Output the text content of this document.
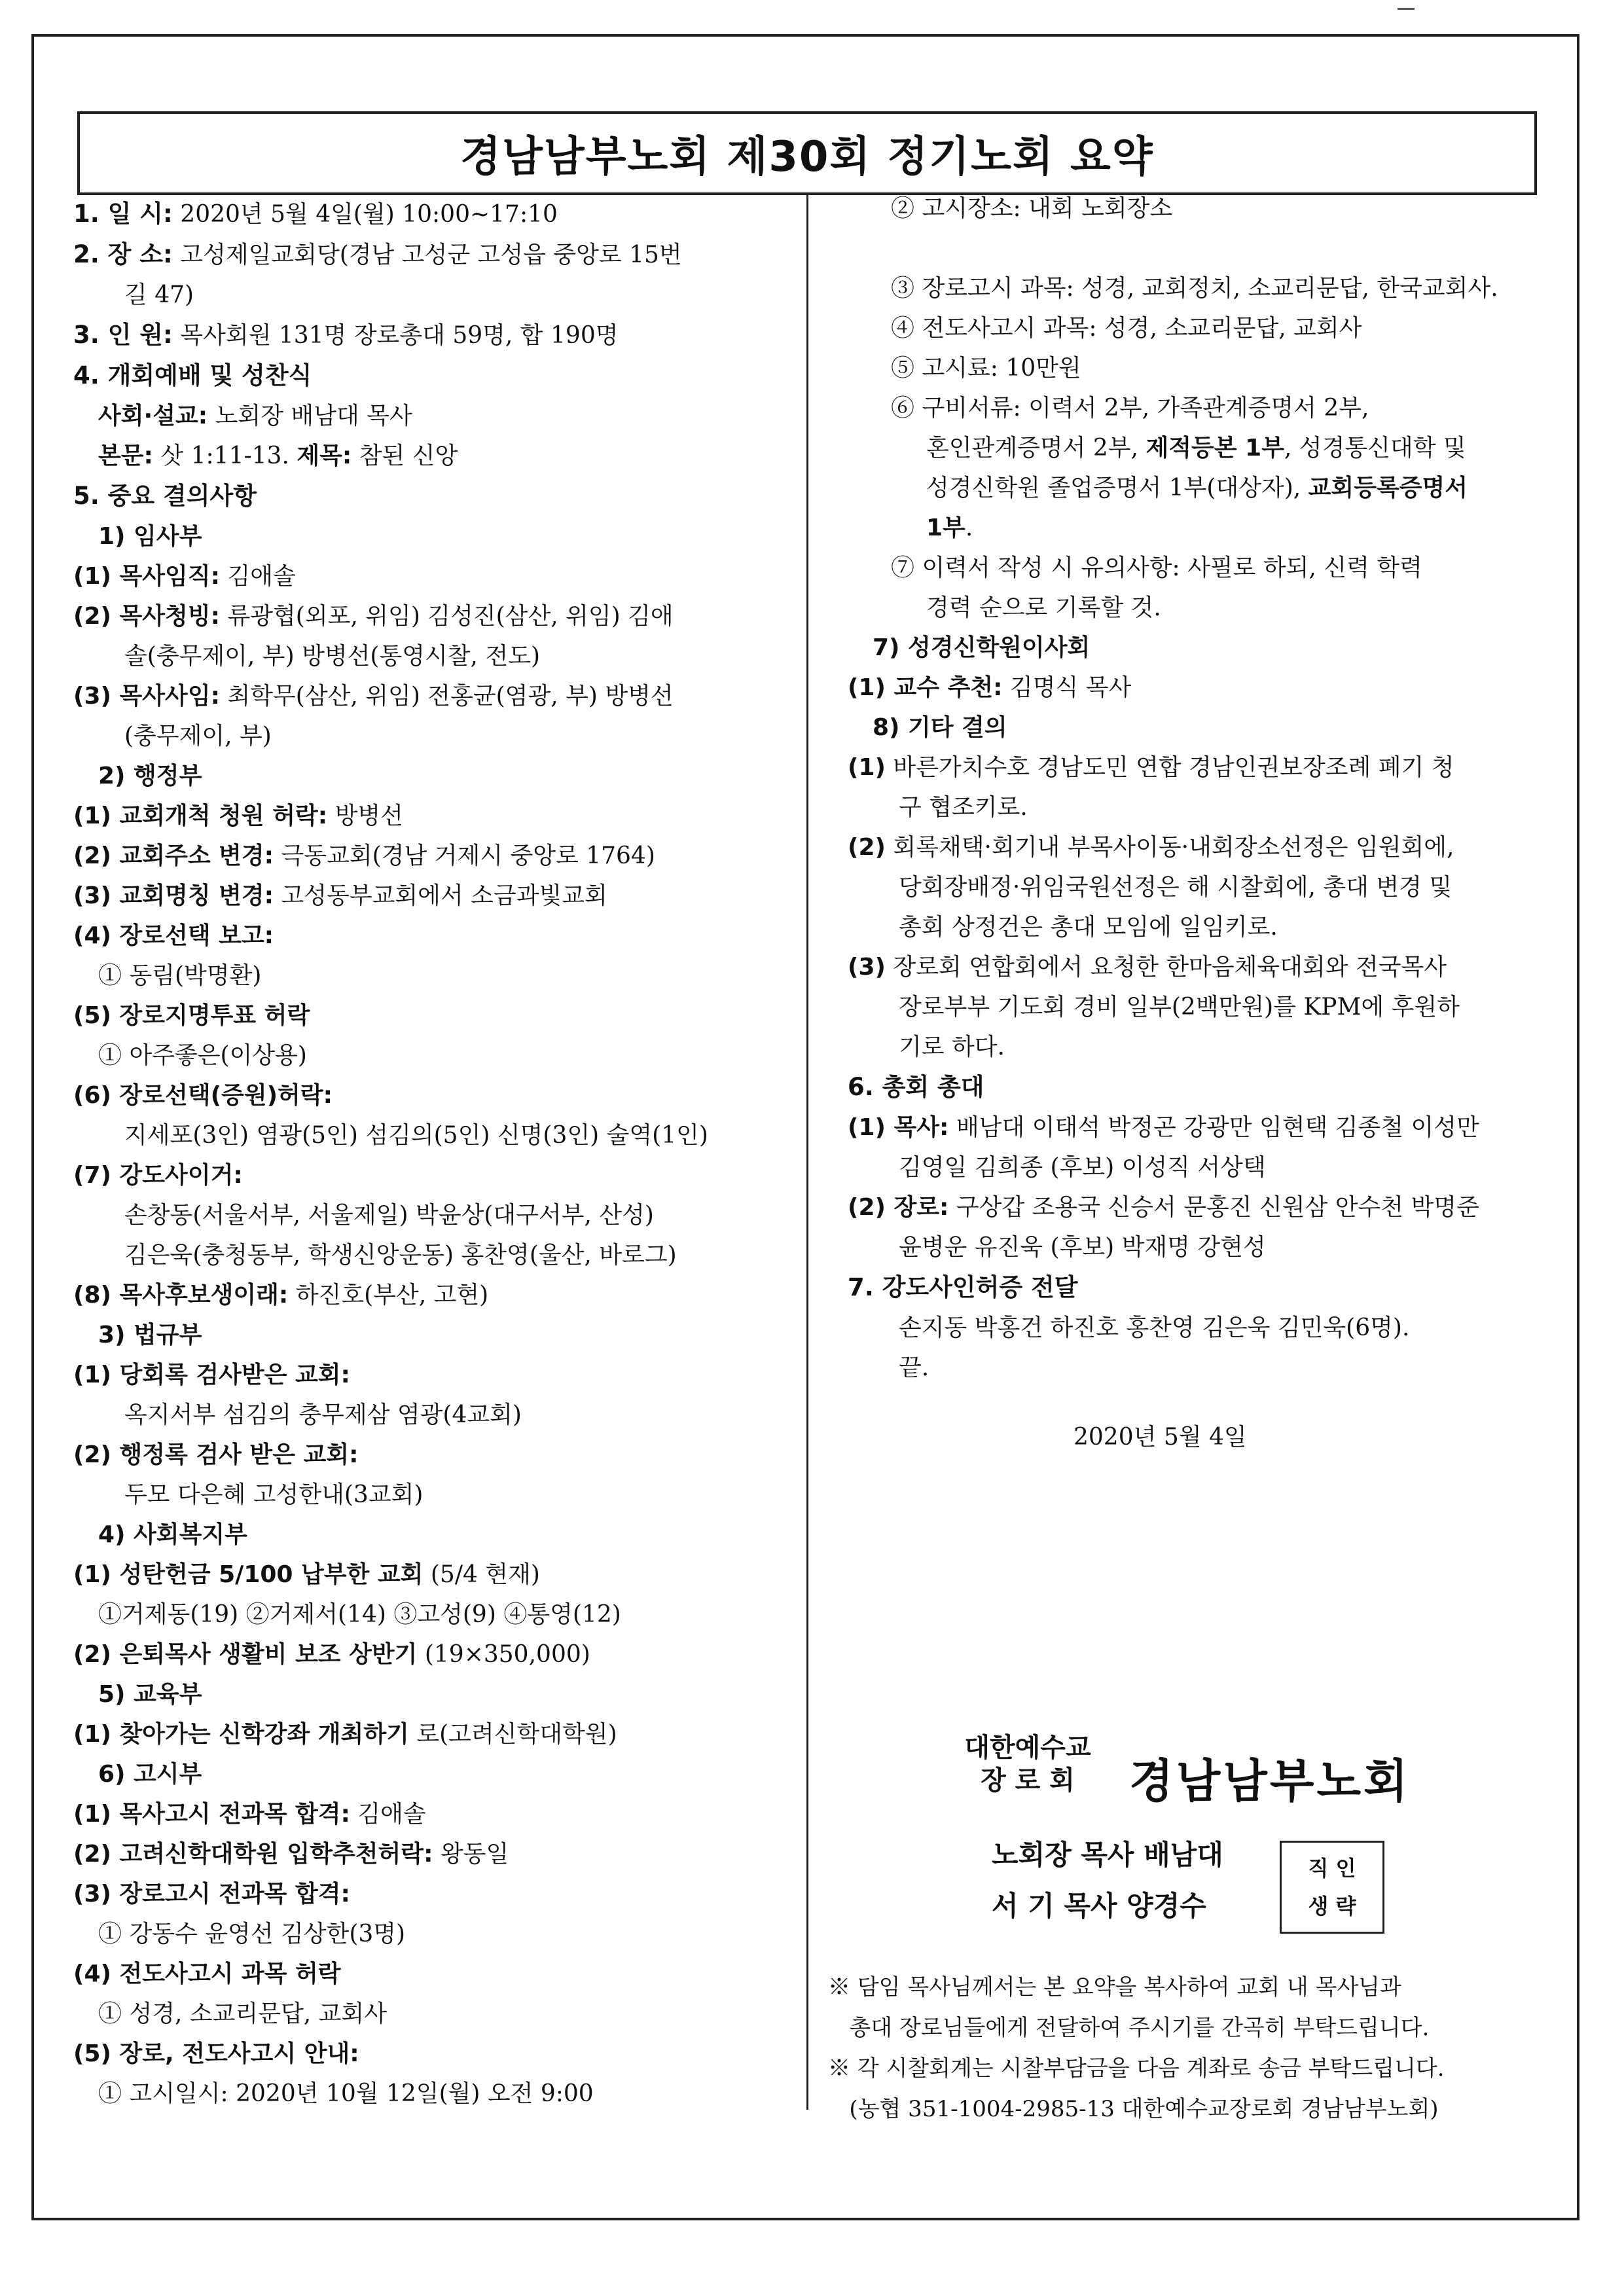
경남남부노회 제30회 정기노회 요약
1. 일 시: 2020년 5월 4일(월) 10:00~17:10
2. 장 소: 고성제일교회당(경남 고성군 고성읍 중앙로 15번
길 47)
3. 인 원: 목사회원 131명 장로총대 59명, 합 190명
4. 개회예배 및 성찬식
사회·설교: 노회장 배남대 목사
본문: 삿 1:11-13. 제목: 참된 신앙
5. 중요 결의사항
1) 임사부
(1) 목사임직: 김애솔
(2) 목사청빙: 류광협(외포, 위임) 김성진(삼산, 위임) 김애
솔(충무제이, 부) 방병선(통영시찰, 전도)
(3) 목사사임: 최학무(삼산, 위임) 전홍균(염광, 부) 방병선
(충무제이, 부)
2) 행정부
(1) 교회개척 청원 허락: 방병선
(2) 교회주소 변경: 극동교회(경남 거제시 중앙로 1764)
(3) 교회명칭 변경: 고성동부교회에서 소금과빛교회
(4) 장로선택 보고:
① 동림(박명환)
(5) 장로지명투표 허락
① 아주좋은(이상용)
(6) 장로선택(증원)허락:
지세포(3인) 염광(5인) 섬김의(5인) 신명(3인) 술역(1인)
(7) 강도사이거:
손창동(서울서부, 서울제일) 박윤상(대구서부, 산성)
김은욱(충청동부, 학생신앙운동) 홍찬영(울산, 바로그)
(8) 목사후보생이래: 하진호(부산, 고현)
3) 법규부
(1) 당회록 검사받은 교회:
옥지서부 섬김의 충무제삼 염광(4교회)
(2) 행정록 검사 받은 교회:
두모 다은혜 고성한내(3교회)
4) 사회복지부
(1) 성탄헌금 5/100 납부한 교회 (5/4 현재)
①거제동(19) ②거제서(14) ③고성(9) ④통영(12)
(2) 은퇴목사 생활비 보조 상반기 (19×350,000)
5) 교육부
(1) 찾아가는 신학강좌 개최하기 로(고려신학대학원)
6) 고시부
(1) 목사고시 전과목 합격: 김애솔
(2) 고려신학대학원 입학추천허락: 왕동일
(3) 장로고시 전과목 합격:
① 강동수 윤영선 김상한(3명)
(4) 전도사고시 과목 허락
① 성경, 소교리문답, 교회사
(5) 장로, 전도사고시 안내:
① 고시일시: 2020년 10월 12일(월) 오전 9:00
② 고시장소: 내회 노회장소

③ 장로고시 과목: 성경, 교회정치, 소교리문답, 한국교회사.
④ 전도사고시 과목: 성경, 소교리문답, 교회사
⑤ 고시료: 10만원
⑥ 구비서류: 이력서 2부, 가족관계증명서 2부,
혼인관계증명서 2부, 제적등본 1부, 성경통신대학 및
성경신학원 졸업증명서 1부(대상자), 교회등록증명서
1부.
⑦ 이력서 작성 시 유의사항: 사필로 하되, 신력 학력
경력 순으로 기록할 것.
7) 성경신학원이사회
(1) 교수 추천: 김명식 목사
8) 기타 결의
(1) 바른가치수호 경남도민 연합 경남인권보장조례 폐기 청
구 협조키로.
(2) 회록채택·회기내 부목사이동·내회장소선정은 임원회에,
당회장배정·위임국원선정은 해 시찰회에, 총대 변경 및
총회 상정건은 총대 모임에 일임키로.
(3) 장로회 연합회에서 요청한 한마음체육대회와 전국목사
장로부부 기도회 경비 일부(2백만원)를 KPM에 후원하
기로 하다.
6. 총회 총대
(1) 목사: 배남대 이태석 박정곤 강광만 임현택 김종철 이성만
김영일 김희종 (후보) 이성직 서상택
(2) 장로: 구상갑 조용국 신승서 문홍진 신원삼 안수천 박명준
윤병운 유진욱 (후보) 박재명 강현성
7. 강도사인허증 전달
손지동 박홍건 하진호 홍찬영 김은욱 김민욱(6명).
끝.
2020년 5월 4일
대한예수교
장 로 회	경남남부노회
노회장 목사 배남대
서 기 목사 양경수
직 인
생 략
※ 담임 목사님께서는 본 요약을 복사하여 교회 내 목사님과
총대 장로님들에게 전달하여 주시기를 간곡히 부탁드립니다.
※ 각 시찰회계는 시찰부담금을 다음 계좌로 송금 부탁드립니다.
(농협 351-1004-2985-13 대한예수교장로회 경남남부노회)
